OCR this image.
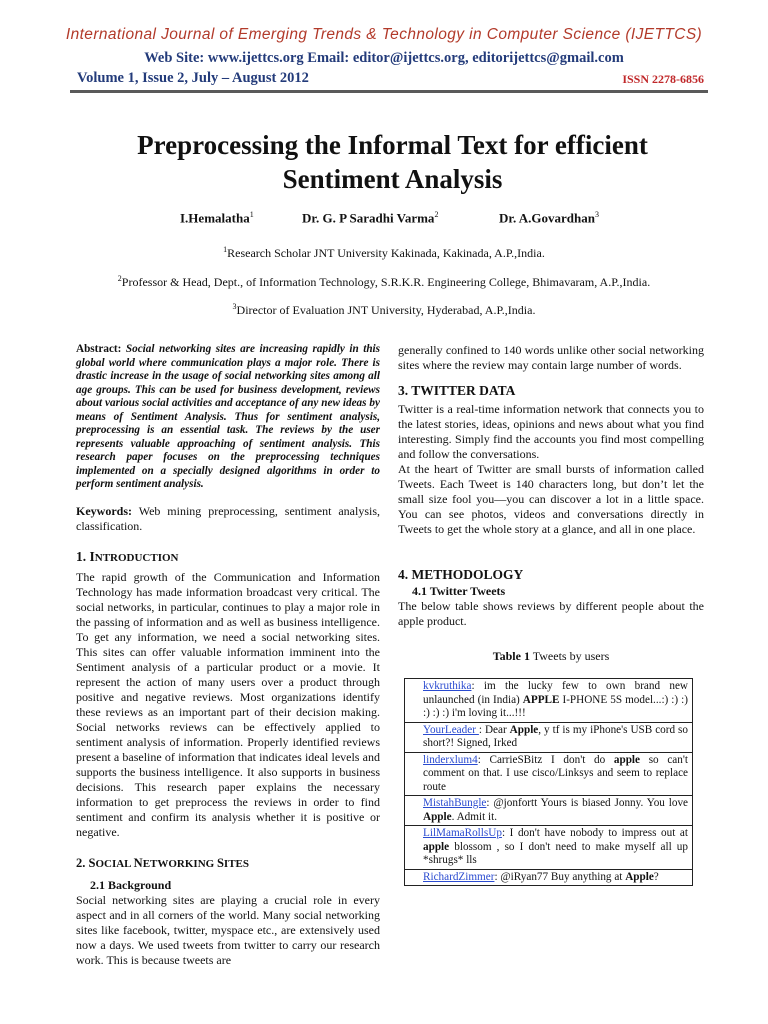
International Journal of Emerging Trends & Technology in Computer Science (IJETTCS)
Web Site: www.ijettcs.org Email: editor@ijettcs.org, editorijettcs@gmail.com
Volume 1, Issue 2, July – August 2012	ISSN 2278-6856
Preprocessing the Informal Text for efficient
Sentiment Analysis
I.Hemalatha$^1$	Dr. G. P Saradhi Varma$^2$	Dr. A.Govardhan$^3$
$^1$Research Scholar JNT University Kakinada, Kakinada, A.P.,India.
$^2$Professor & Head, Dept., of Information Technology, S.R.K.R. Engineering College, Bhimavaram, A.P.,India.
$^3$Director of Evaluation JNT University, Hyderabad, A.P.,India.

Abstract: Social networking sites are increasing rapidly in this global world where communication plays a major role. There is drastic increase in the usage of social networking sites among all age groups. This can be used for business development, reviews about various social activities and acceptance of any new ideas by means of Sentiment Analysis. Thus for sentiment analysis, preprocessing is an essential task. The reviews by the user represents valuable approaching of sentiment analysis. This research paper focuses on the preprocessing techniques implemented on a specially designed algorithms in order to perform sentiment analysis.

Keywords: Web mining preprocessing, sentiment analysis, classification.

1. INTRODUCTION

The rapid growth of the Communication and Information Technology has made information broadcast very critical. The social networks, in particular, continues to play a major role in the passing of information and as well as business intelligence. To get any information, we need a social networking sites. This sites can offer valuable information imminent into the Sentiment analysis of a particular product or a movie. It represent the action of many users over a product through positive and negative reviews. Most organizations identify these reviews as an important part of their decision making. Social networks reviews can be effectively applied to sentiment analysis of information. Properly identified reviews present a baseline of information that indicates ideal levels and supports the business intelligence. It also supports in business decisions. This research paper explains the necessary information to get preprocess the reviews in order to find sentiment and confirm its analysis whether it is positive or negative.

2. SOCIAL NETWORKING SITES

2.1 Background

Social networking sites are playing a crucial role in every aspect and in all corners of the world. Many social networking sites like facebook, twitter, myspace etc., are extensively used now a days. We used tweets from twitter to carry our research work. This is because tweets are

generally confined to 140 words unlike other social networking sites where the review may contain large number of words.

3. TWITTER DATA

Twitter is a real-time information network that connects you to the latest stories, ideas, opinions and news about what you find interesting. Simply find the accounts you find most compelling and follow the conversations.

At the heart of Twitter are small bursts of information called Tweets. Each Tweet is 140 characters long, but don’t let the small size fool you—you can discover a lot in a little space. You can see photos, videos and conversations directly in Tweets to get the whole story at a glance, and all in one place.

4. METHODOLOGY

4.1 Twitter Tweets

The below table shows reviews by different people about the apple product.

Table 1 Tweets by users

kvkruthika: im the lucky few to own brand new unlaunched (in India) APPLE I-PHONE 5S model...:) :) :) :) :) :) i'm loving it...!!!
YourLeader : Dear Apple, y tf is my iPhone's USB cord so short?! Signed, Irked
linderxlum4: CarrieSBitz I don't do apple so can't comment on that. I use cisco/Linksys and seem to replace route
MistahBungle: @jonfortt Yours is biased Jonny. You love Apple. Admit it.
LilMamaRollsUp: I don't have nobody to impress out at apple blossom , so I don't need to make myself all up *shrugs* lls
RichardZimmer: @iRyan77 Buy anything at Apple?
